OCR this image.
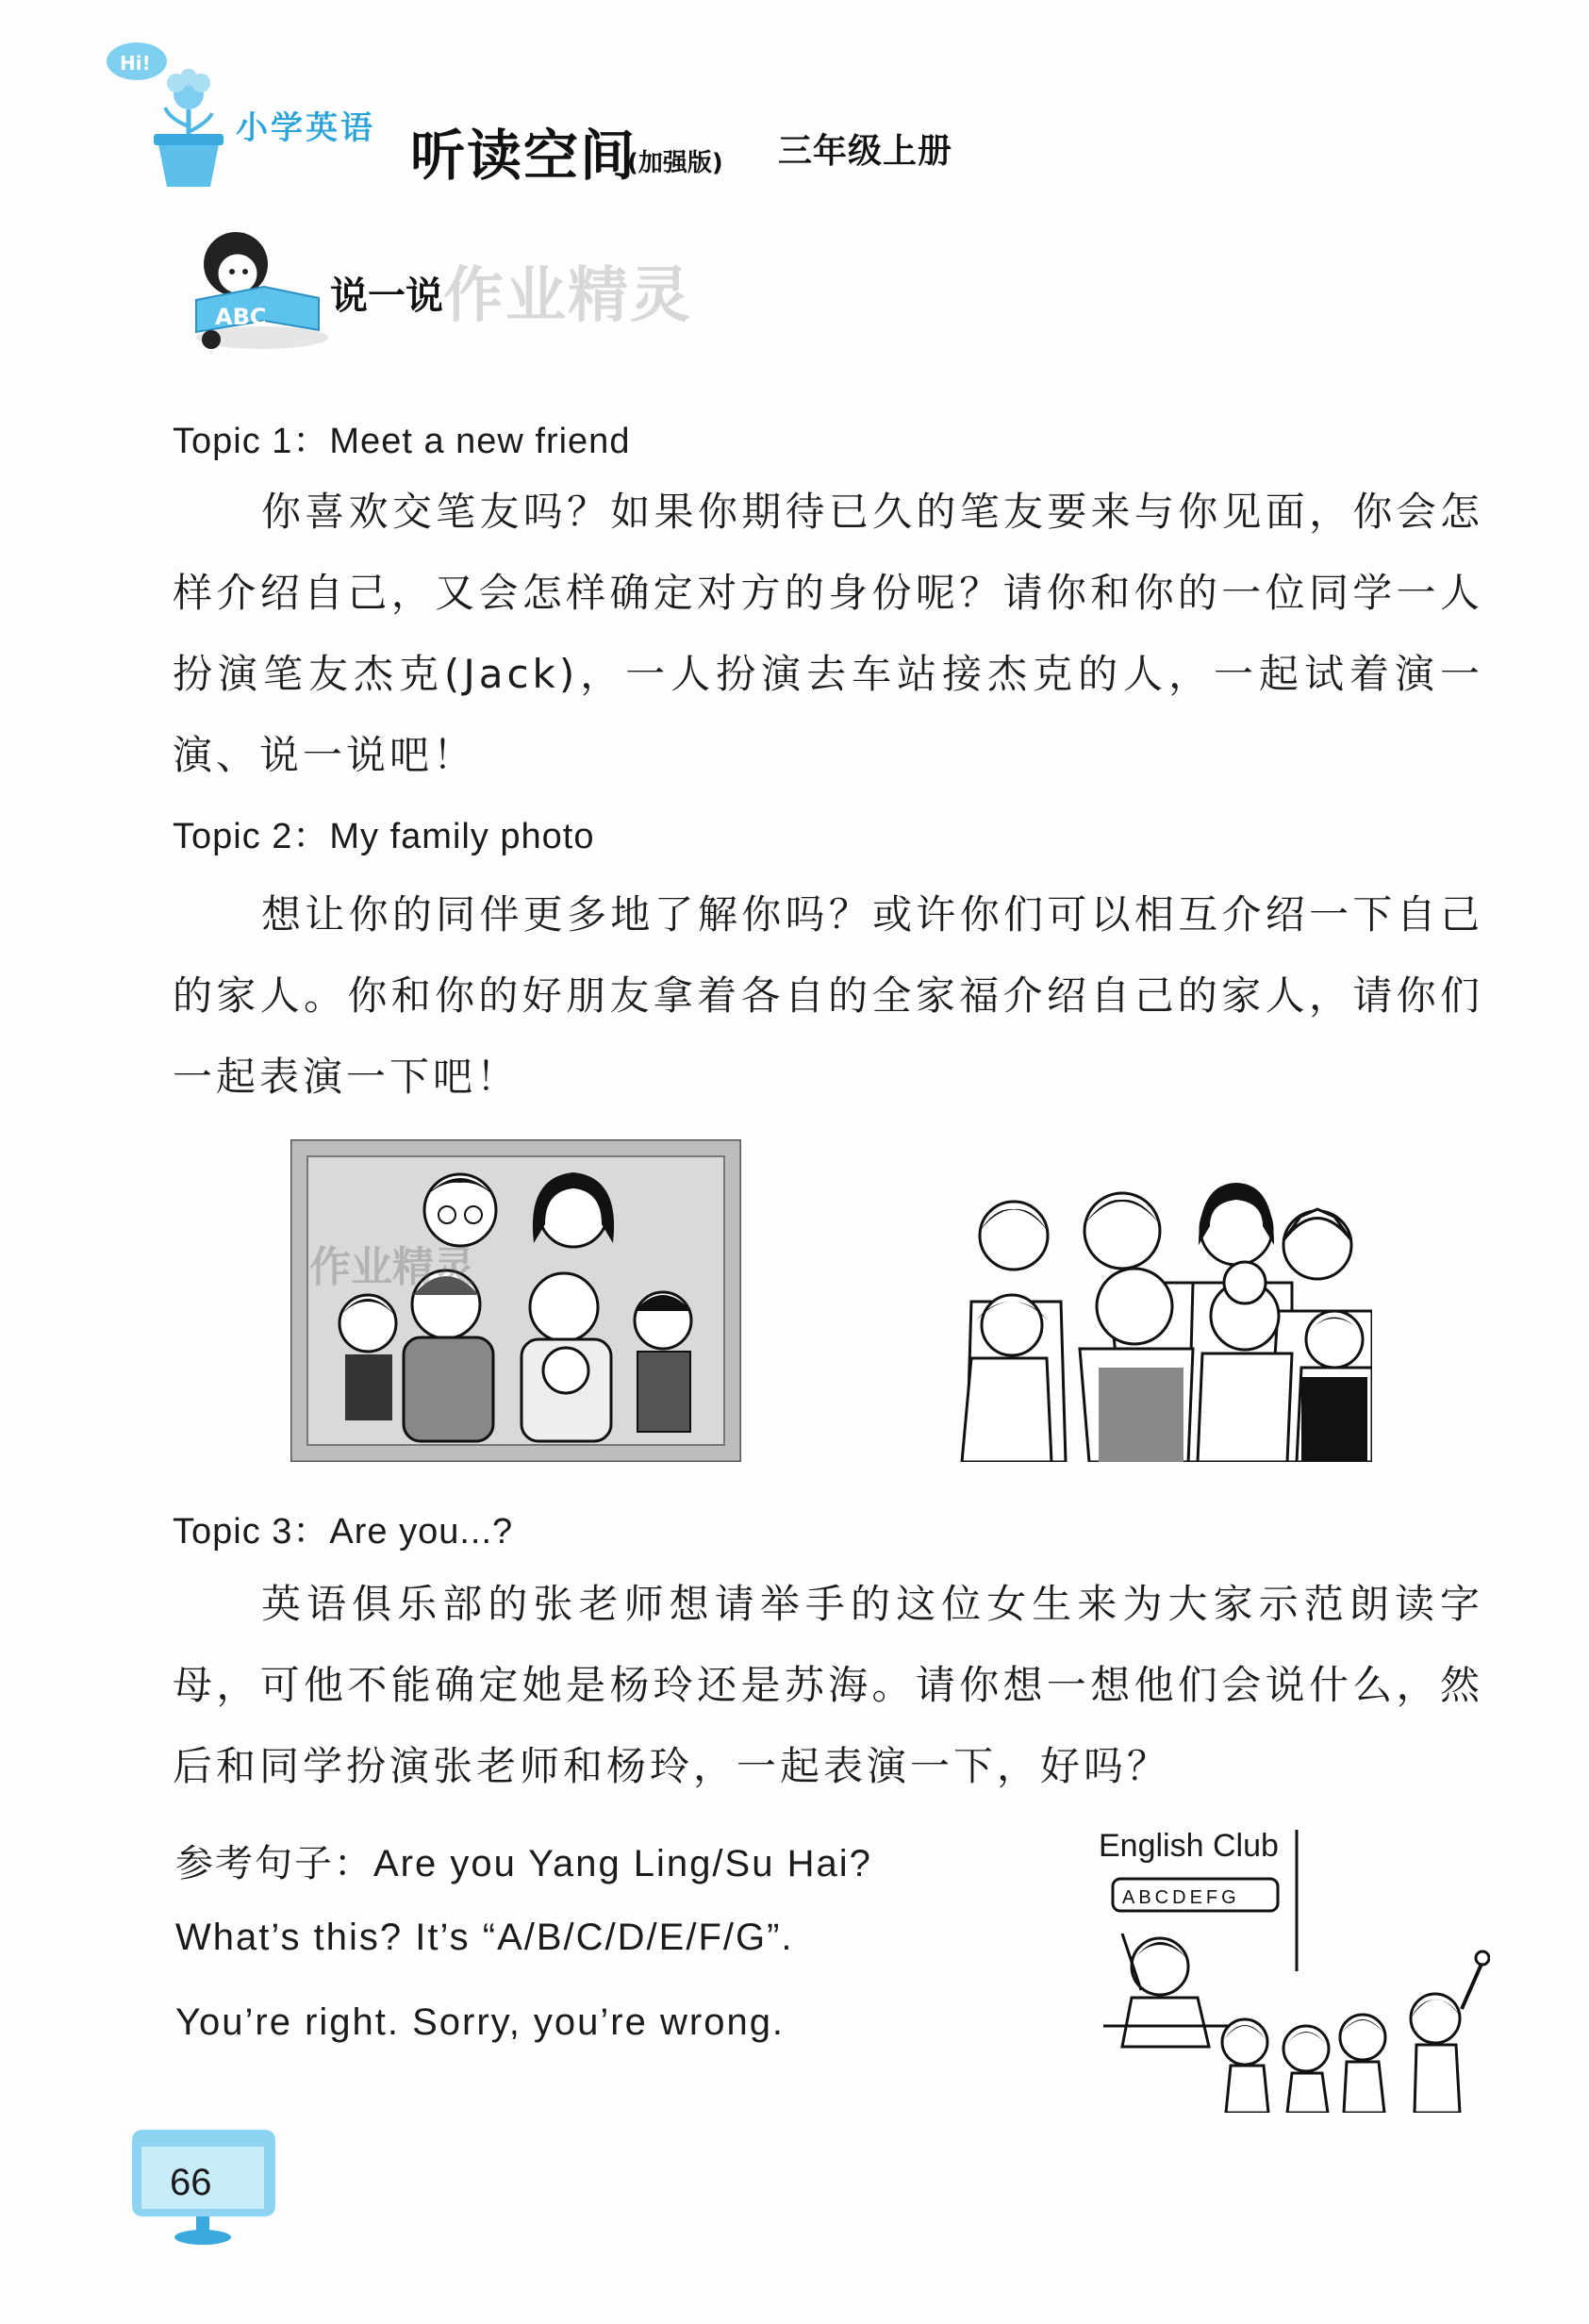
Hi!
小学英语 听读空间
(加强版) 三年级上册
ABC 说一说 作业精灵
Topic 1：Meet a new friend
你喜欢交笔友吗？如果你期待已久的笔友要来与你见面，你会怎样介绍自己，又会怎样确定对方的身份呢？请你和你的一位同学一人扮演笔友杰克(Jack)，一人扮演去车站接杰克的人，一起试着演一演、说一说吧！
Topic 2：My family photo
想让你的同伴更多地了解你吗？或许你们可以相互介绍一下自己的家人。你和你的好朋友拿着各自的全家福介绍自己的家人，请你们一起表演一下吧！
作业精灵
Topic 3：Are you...?
英语俱乐部的张老师想请举手的这位女生来为大家示范朗读字母，可他不能确定她是杨玲还是苏海。请你想一想他们会说什么，然后和同学扮演张老师和杨玲，一起表演一下，好吗？
参考句子：Are you Yang Ling/Su Hai?
What’s this? It’s “A/B/C/D/E/F/G”.
You’re right. Sorry, you’re wrong.
English Club
ABCDEFG
66
